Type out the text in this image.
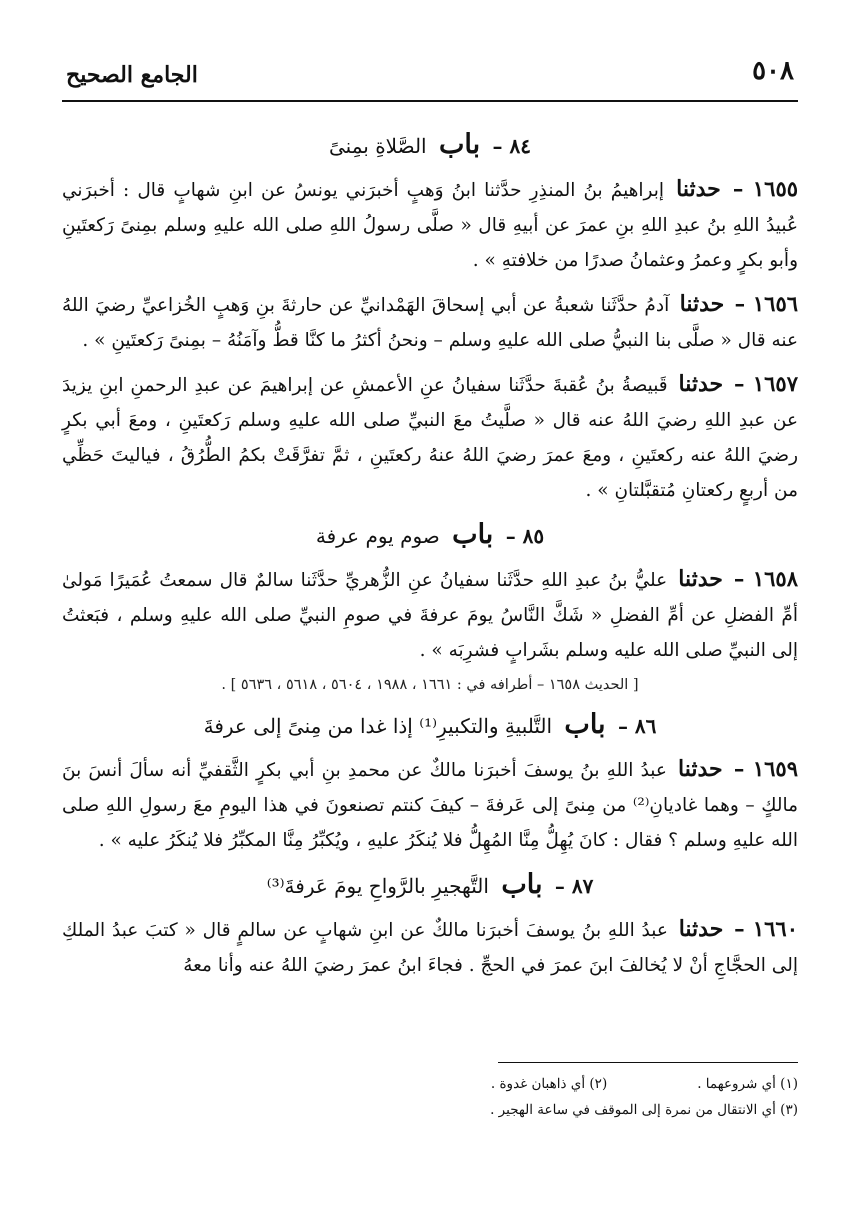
٥٠٨
الجامع الصحيح
٨٤ – باب الصَّلاةِ بمِنىً

١٦٥٥ – حدثنا إبراهيمُ بنُ المنذِرِ حدَّثنا ابنُ وَهبٍ أخبرَني يونسُ عن ابنِ شهابٍ قال : أخبرَني عُبيدُ اللهِ بنُ عبدِ اللهِ بنِ عمرَ عن أبيهِ قال « صلَّى رسولُ اللهِ صلى الله عليهِ وسلم بمِنىً رَكعتَينِ وأبو بكرٍ وعمرُ وعثمانُ صدرًا من خلافتهِ » .

١٦٥٦ – حدثنا آدمُ حدَّثَنا شعبةُ عن أبي إسحاقَ الهَمْدانيِّ عن حارثةَ بنِ وَهبٍ الخُزاعيِّ رضيَ اللهُ عنه قال « صلَّى بنا النبيُّ صلى الله عليهِ وسلم – ونحنُ أكثرُ ما كنَّا قطُّ وآمَنُهُ – بمِنىً رَكعتَينِ » .

١٦٥٧ – حدثنا قَبيصةُ بنُ عُقبةَ حدَّثَنا سفيانُ عنِ الأعمشِ عن إبراهيمَ عن عبدِ الرحمنِ ابنِ يزيدَ عن عبدِ اللهِ رضيَ اللهُ عنه قال « صلَّيتُ معَ النبيِّ صلى الله عليهِ وسلم رَكعتَينِ ، ومعَ أبي بكرٍ رضيَ اللهُ عنه ركعتَينِ ، ومعَ عمرَ رضيَ اللهُ عنهُ ركعتَينِ ، ثمَّ تفرَّقَتْ بكمُ الطُّرُقُ ، فياليتَ حَظِّي من أربعٍ ركعتانِ مُتقبَّلتانِ » .

٨٥ – باب صوم يوم عرفة

١٦٥٨ – حدثنا عليُّ بنُ عبدِ اللهِ حدَّثَنا سفيانُ عنِ الزُّهريِّ حدَّثَنا سالمٌ قال سمعتُ عُمَيرًا مَولىٰ أمِّ الفضلِ عن أمِّ الفضلِ « شَكَّ النَّاسُ يومَ عرفةَ في صومِ النبيِّ صلى الله عليهِ وسلم ، فبَعثتُ إلى النبيِّ صلى الله عليه وسلم بشَرابٍ فشرِبَه » .

[ الحديث ١٦٥٨ – أطرافه في : ١٦٦١ ، ١٩٨٨ ، ٥٦٠٤ ، ٥٦١٨ ، ٥٦٣٦ ] .
٨٦ – باب التَّلبيةِ والتكبيرِ⁽¹⁾ إذا غدا من مِنىً إلى عرفةَ

١٦٥٩ – حدثنا عبدُ اللهِ بنُ يوسفَ أخبرَنا مالكٌ عن محمدِ بنِ أبي بكرٍ الثَّقفيِّ أنه سألَ أنسَ بنَ مالكٍ – وهما غاديانِ⁽²⁾ من مِنىً إلى عَرفةَ – كيفَ كنتم تصنعونَ في هذا اليومِ معَ رسولِ اللهِ صلى الله عليهِ وسلم ؟ فقال : كانَ يُهِلُّ مِنَّا المُهِلُّ فلا يُنكَرُ عليهِ ، ويُكبِّرُ مِنَّا المكبِّرُ فلا يُنكَرُ عليه » .

٨٧ – باب التَّهجيرِ بالرَّواحِ يومَ عَرفةَ⁽³⁾

١٦٦٠ – حدثنا عبدُ اللهِ بنُ يوسفَ أخبرَنا مالكٌ عن ابنِ شهابٍ عن سالمٍ قال « كتبَ عبدُ الملكِ إلى الحجَّاجِ أنْ لا يُخالفَ ابنَ عمرَ في الحجِّ . فجاءَ ابنُ عمرَ رضيَ اللهُ عنه وأنا معهُ

(١) أي شروعهما .
(٢) أي ذاهبان غدوة .
(٣) أي الانتقال من نمرة إلى الموقف في ساعة الهجير .
